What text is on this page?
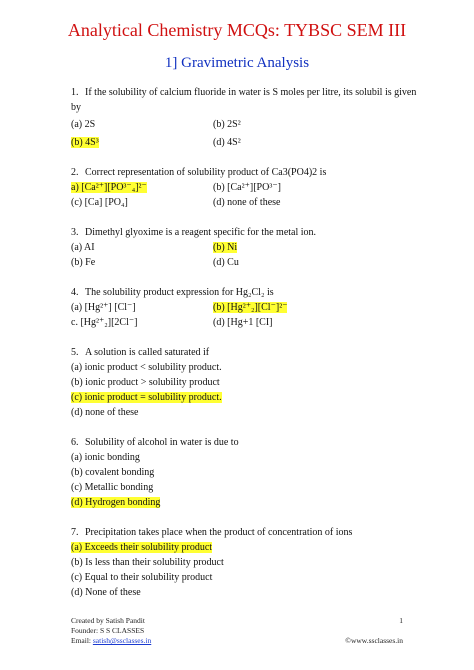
Analytical Chemistry MCQs: TYBSC SEM III
1] Gravimetric Analysis
1. If the solubility of calcium fluoride in water is S moles per litre, its solubil is given by
(a) 2S	(b) 2S²
(b) 4S³	(d) 4S²
2. Correct representation of solubility product of Ca3(PO4)2 is
a) [Ca²⁺][PO³⁻₄]²⁻	(b) [Ca²⁺][PO³⁻]
(c) [Ca] [PO₄]	(d) none of these
3. Dimethyl glyoxime is a reagent specific for the metal ion.
(a) AI	(b) Ni
(b) Fe	(d) Cu
4. The solubility product expression for Hg₂Cl₂ is
(a) [Hg²⁺] [Cl⁻]	(b) [Hg²⁺₂][Cl⁻]²⁻
c. [Hg²⁺₂][2Cl⁻]	(d) [Hg+1 [CI]
5. A solution is called saturated if
(a) ionic product < solubility product.
(b) ionic product > solubility product
(c) ionic product = solubility product.
(d) none of these
6. Solubility of alcohol in water is due to
(a) ionic bonding
(b) covalent bonding
(c) Metallic bonding
(d) Hydrogen bonding
7. Precipitation takes place when the product of concentration of ions
(a) Exceeds their solubility product
(b) Is less than their solubility product
(c) Equal to their solubility product
(d) None of these
Created by Satish Pandit	1
Founder: S S CLASSES
Email: satish@ssclasses.in	©www.ssclasses.in
